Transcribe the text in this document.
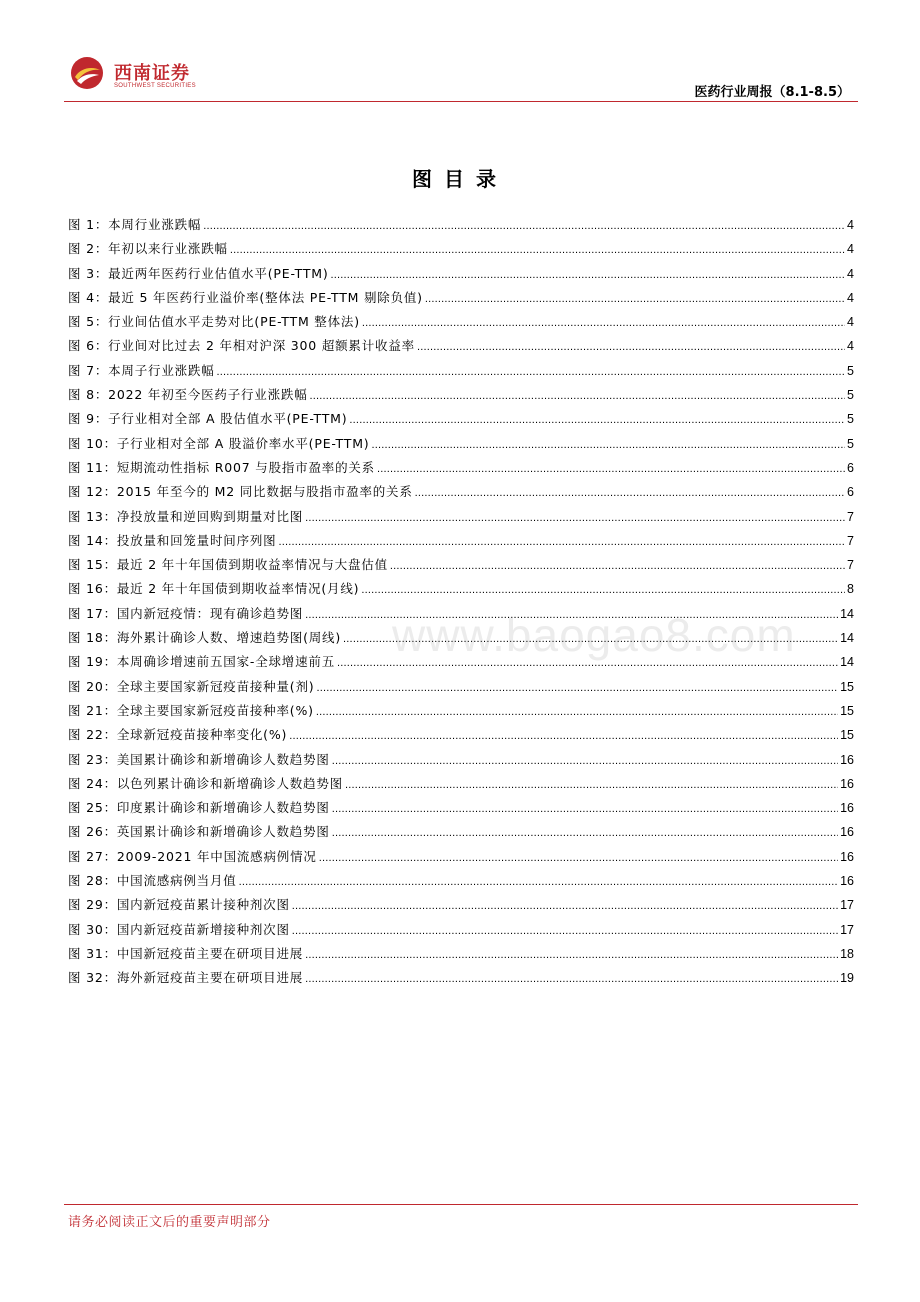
西南证券
SOUTHWEST SECURITIES	医药行业周报（8.1-8.5）
图目录
图 1：本周行业涨跌幅 .....	4
图 2：年初以来行业涨跌幅 .....	4
图 3：最近两年医药行业估值水平(PE-TTM) .....	4
图 4：最近 5 年医药行业溢价率(整体法 PE-TTM 剔除负值) .....	4
图 5：行业间估值水平走势对比(PE-TTM 整体法) .....	4
图 6：行业间对比过去 2 年相对沪深 300 超额累计收益率 .....	4
图 7：本周子行业涨跌幅 .....	5
图 8：2022 年初至今医药子行业涨跌幅 .....	5
图 9：子行业相对全部 A 股估值水平(PE-TTM) .....	5
图 10：子行业相对全部 A 股溢价率水平(PE-TTM) .....	5
图 11：短期流动性指标 R007 与股指市盈率的关系 .....	6
图 12：2015 年至今的 M2 同比数据与股指市盈率的关系 .....	6
图 13：净投放量和逆回购到期量对比图 .....	7
图 14：投放量和回笼量时间序列图 .....	7
图 15：最近 2 年十年国债到期收益率情况与大盘估值 .....	7
图 16：最近 2 年十年国债到期收益率情况(月线) .....	8
图 17：国内新冠疫情：现有确诊趋势图 .....	14
图 18：海外累计确诊人数、增速趋势图(周线) .....	14
图 19：本周确诊增速前五国家-全球增速前五 .....	14
图 20：全球主要国家新冠疫苗接种量(剂) .....	15
图 21：全球主要国家新冠疫苗接种率(%) .....	15
图 22：全球新冠疫苗接种率变化(%) .....	15
图 23：美国累计确诊和新增确诊人数趋势图 .....	16
图 24：以色列累计确诊和新增确诊人数趋势图 .....	16
图 25：印度累计确诊和新增确诊人数趋势图 .....	16
图 26：英国累计确诊和新增确诊人数趋势图 .....	16
图 27：2009-2021 年中国流感病例情况 .....	16
图 28：中国流感病例当月值 .....	16
图 29：国内新冠疫苗累计接种剂次图 .....	17
图 30：国内新冠疫苗新增接种剂次图 .....	17
图 31：中国新冠疫苗主要在研项目进展 .....	18
图 32：海外新冠疫苗主要在研项目进展 .....	19
www.baogao8.com
请务必阅读正文后的重要声明部分
